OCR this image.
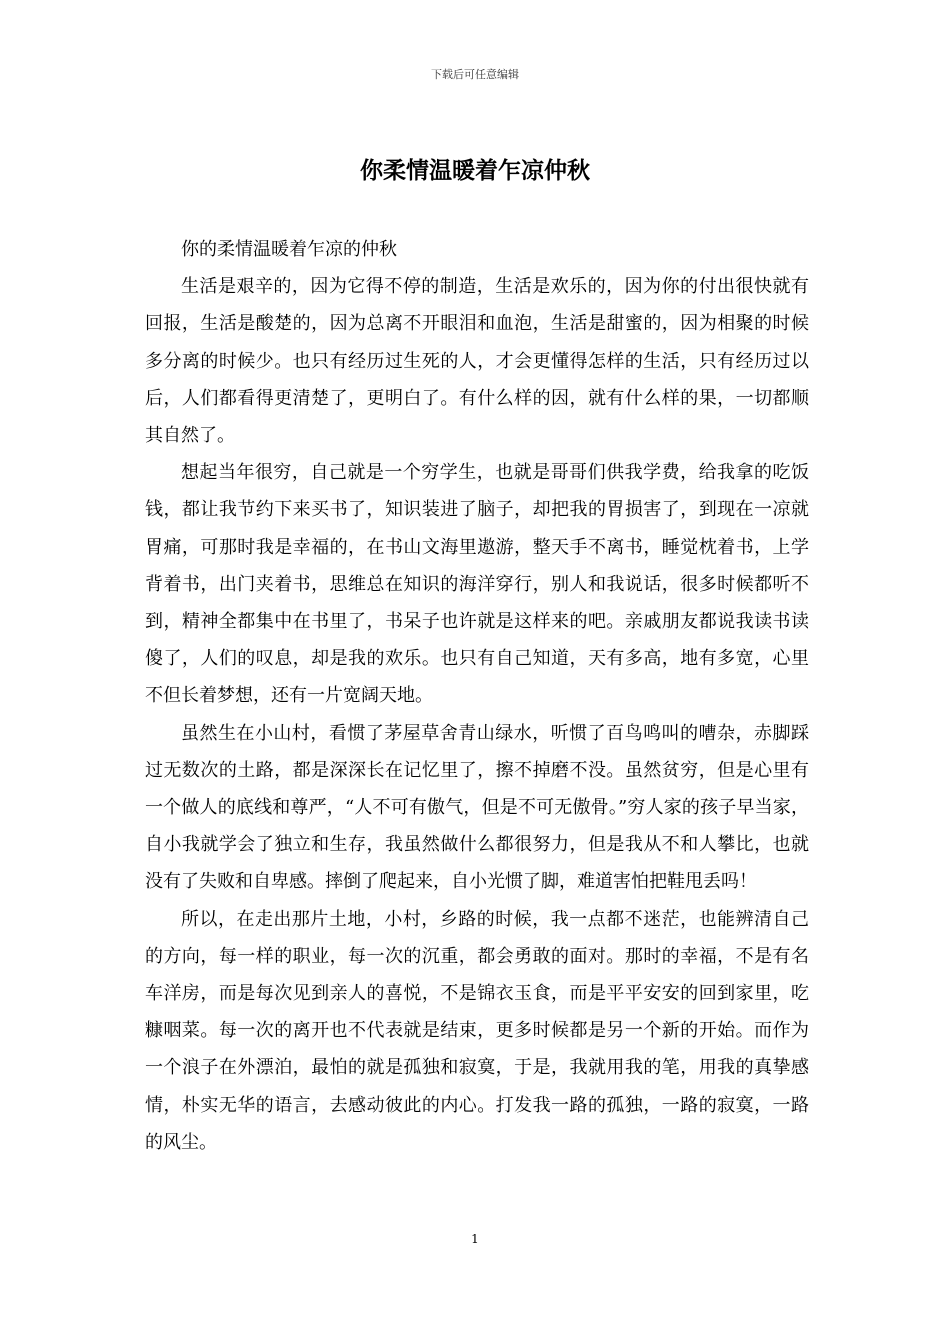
下载后可任意编辑
你柔情温暖着乍凉仲秋

你的柔情温暖着乍凉的仲秋

生活是艰辛的，因为它得不停的制造，生活是欢乐的，因为你的付出很快就有回报，生活是酸楚的，因为总离不开眼泪和血泡，生活是甜蜜的，因为相聚的时候多分离的时候少。也只有经历过生死的人，才会更懂得怎样的生活，只有经历过以后，人们都看得更清楚了，更明白了。有什么样的因，就有什么样的果，一切都顺其自然了。

想起当年很穷，自己就是一个穷学生，也就是哥哥们供我学费，给我拿的吃饭钱，都让我节约下来买书了，知识装进了脑子，却把我的胃损害了，到现在一凉就胃痛，可那时我是幸福的，在书山文海里遨游，整天手不离书，睡觉枕着书，上学背着书，出门夹着书，思维总在知识的海洋穿行，别人和我说话，很多时候都听不到，精神全都集中在书里了，书呆子也许就是这样来的吧。亲戚朋友都说我读书读傻了，人们的叹息，却是我的欢乐。也只有自己知道，天有多高，地有多宽，心里不但长着梦想，还有一片宽阔天地。

虽然生在小山村，看惯了茅屋草舍青山绿水，听惯了百鸟鸣叫的嘈杂，赤脚踩过无数次的土路，都是深深长在记忆里了，擦不掉磨不没。虽然贫穷，但是心里有一个做人的底线和尊严，“人不可有傲气，但是不可无傲骨。”穷人家的孩子早当家，自小我就学会了独立和生存，我虽然做什么都很努力，但是我从不和人攀比，也就没有了失败和自卑感。摔倒了爬起来，自小光惯了脚，难道害怕把鞋甩丢吗！

所以，在走出那片土地，小村，乡路的时候，我一点都不迷茫，也能辨清自己的方向，每一样的职业，每一次的沉重，都会勇敢的面对。那时的幸福，不是有名车洋房，而是每次见到亲人的喜悦，不是锦衣玉食，而是平平安安的回到家里，吃糠咽菜。每一次的离开也不代表就是结束，更多时候都是另一个新的开始。而作为一个浪子在外漂泊，最怕的就是孤独和寂寞，于是，我就用我的笔，用我的真挚感情，朴实无华的语言，去感动彼此的内心。打发我一路的孤独，一路的寂寞，一路的风尘。

1
